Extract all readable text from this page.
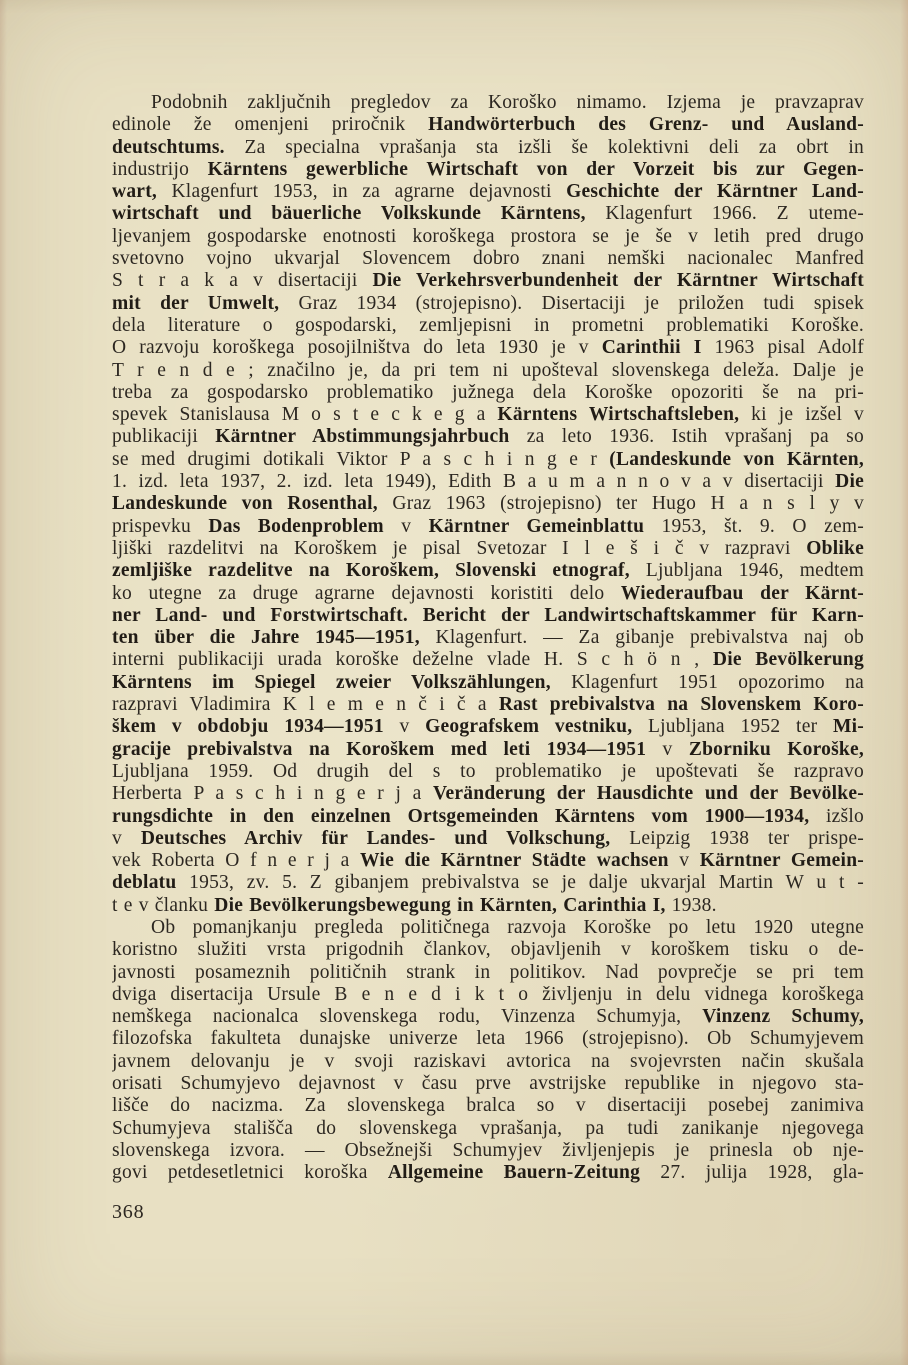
Podobnih zaključnih pregledov za Koroško nimamo. Izjema je pravzaprav
edinole že omenjeni priročnik Handwörterbuch des Grenz- und Ausland-
deutschtums. Za specialna vprašanja sta izšli še kolektivni deli za obrt in
industrijo Kärntens gewerbliche Wirtschaft von der Vorzeit bis zur Gegen-
wart, Klagenfurt 1953, in za agrarne dejavnosti Geschichte der Kärntner Land-
wirtschaft und bäuerliche Volkskunde Kärntens, Klagenfurt 1966. Z uteme-
ljevanjem gospodarske enotnosti koroškega prostora se je še v letih pred drugo
svetovno vojno ukvarjal Slovencem dobro znani nemški nacionalec Manfred
S t r a k a v disertaciji Die Verkehrsverbundenheit der Kärntner Wirtschaft
mit der Umwelt, Graz 1934 (strojepisno). Disertaciji je priložen tudi spisek
dela literature o gospodarski, zemljepisni in prometni problematiki Koroške.
O razvoju koroškega posojilništva do leta 1930 je v Carinthii I 1963 pisal Adolf
T r e n d e ; značilno je, da pri tem ni upošteval slovenskega deleža. Dalje je
treba za gospodarsko problematiko južnega dela Koroške opozoriti še na pri-
spevek Stanislausa M o s t e c k e g a Kärntens Wirtschaftsleben, ki je izšel v
publikaciji Kärntner Abstimmungsjahrbuch za leto 1936. Istih vprašanj pa so
se med drugimi dotikali Viktor P a s c h i n g e r (Landeskunde von Kärnten,
1. izd. leta 1937, 2. izd. leta 1949), Edith B a u m a n n o v a v disertaciji Die
Landeskunde von Rosenthal, Graz 1963 (strojepisno) ter Hugo H a n s l y v
prispevku Das Bodenproblem v Kärntner Gemeinblattu 1953, št. 9. O zem-
ljiški razdelitvi na Koroškem je pisal Svetozar I l e š i č v razpravi Oblike
zemljiške razdelitve na Koroškem, Slovenski etnograf, Ljubljana 1946, medtem
ko utegne za druge agrarne dejavnosti koristiti delo Wiederaufbau der Kärnt-
ner Land- und Forstwirtschaft. Bericht der Landwirtschaftskammer für Karn-
ten über die Jahre 1945—1951, Klagenfurt. — Za gibanje prebivalstva naj ob
interni publikaciji urada koroške deželne vlade H. S c h ö n , Die Bevölkerung
Kärntens im Spiegel zweier Volkszählungen, Klagenfurt 1951 opozorimo na
razpravi Vladimira K l e m e n č i č a Rast prebivalstva na Slovenskem Koro-
škem v obdobju 1934—1951 v Geografskem vestniku, Ljubljana 1952 ter Mi-
gracije prebivalstva na Koroškem med leti 1934—1951 v Zborniku Koroške,
Ljubljana 1959. Od drugih del s to problematiko je upoštevati še razpravo
Herberta P a s c h i n g e r j a Veränderung der Hausdichte und der Bevölke-
rungsdichte in den einzelnen Ortsgemeinden Kärntens vom 1900—1934, izšlo
v Deutsches Archiv für Landes- und Volkschung, Leipzig 1938 ter prispe-
vek Roberta O f n e r j a Wie die Kärntner Städte wachsen v Kärntner Gemein-
deblatu 1953, zv. 5. Z gibanjem prebivalstva se je dalje ukvarjal Martin W u t -
t e v članku Die Bevölkerungsbewegung in Kärnten, Carinthia I, 1938.
Ob pomanjkanju pregleda političnega razvoja Koroške po letu 1920 utegne
koristno služiti vrsta prigodnih člankov, objavljenih v koroškem tisku o de-
javnosti posameznih političnih strank in politikov. Nad povprečje se pri tem
dviga disertacija Ursule B e n e d i k t o življenju in delu vidnega koroškega
nemškega nacionalca slovenskega rodu, Vinzenza Schumyja, Vinzenz Schumy,
filozofska fakulteta dunajske univerze leta 1966 (strojepisno). Ob Schumyjevem
javnem delovanju je v svoji raziskavi avtorica na svojevrsten način skušala
orisati Schumyjevo dejavnost v času prve avstrijske republike in njegovo sta-
lišče do nacizma. Za slovenskega bralca so v disertaciji posebej zanimiva
Schumyjeva stališča do slovenskega vprašanja, pa tudi zanikanje njegovega
slovenskega izvora. — Obsežnejši Schumyjev življenjepis je prinesla ob nje-
govi petdesetletnici koroška Allgemeine Bauern-Zeitung 27. julija 1928, gla-
368
